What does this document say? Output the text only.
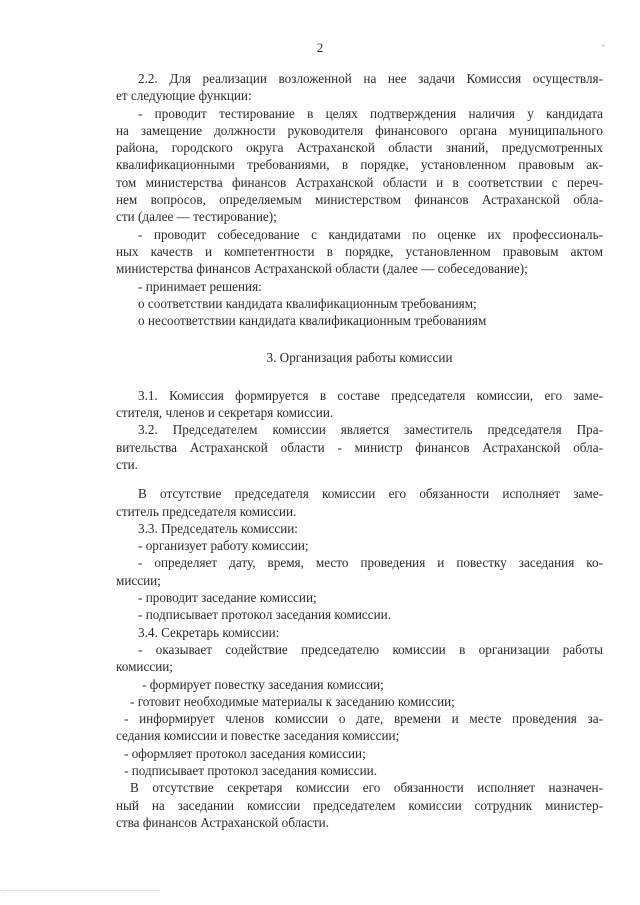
2

2.2. Для реализации возложенной на нее задачи Комиссия осуществля-

ет следующие функции:

- проводит тестирование в целях подтверждения наличия у кандидата

на замещение должности руководителя финансового органа муниципального

района, городского округа Астраханской области знаний, предусмотренных

квалификационными требованиями, в порядке, установленном правовым ак-

том министерства финансов Астраханской области и в соответствии с переч-

нем вопросов, определяемым министерством финансов Астраханской обла-

сти (далее — тестирование);

- проводит собеседование с кандидатами по оценке их профессиональ-

ных качеств и компетентности в порядке, установленном правовым актом

министерства финансов Астраханской области (далее — собеседование);

- принимает решения:

о соответствии кандидата квалификационным требованиям;

о несоответствии кандидата квалификационным требованиям

3. Организация работы комиссии

3.1. Комиссия формируется в составе председателя комиссии, его заме-

стителя, членов и секретаря комиссии.

3.2. Председателем комиссии является заместитель председателя Пра-

вительства Астраханской области - министр финансов Астраханской обла-

сти.

В отсутствие председателя комиссии его обязанности исполняет заме-

ститель председателя комиссии.

3.3. Председатель комиссии:

- организует работу комиссии;

- определяет дату, время, место проведения и повестку заседания ко-

миссии;

- проводит заседание комиссии;

- подписывает протокол заседания комиссии.

3.4. Секретарь комиссии:

- оказывает содействие председателю комиссии в организации работы

комиссии;

- формирует повестку заседания комиссии;

- готовит необходимые материалы к заседанию комиссии;

- информирует членов комиссии о дате, времени и месте проведения за-

седания комиссии и повестке заседания комиссии;

- оформляет протокол заседания комиссии;

- подписывает протокол заседания комиссии.

В отсутствие секретаря комиссии его обязанности исполняет назначен-

ный на заседании комиссии председателем комиссии сотрудник министер-

ства финансов Астраханской области.
